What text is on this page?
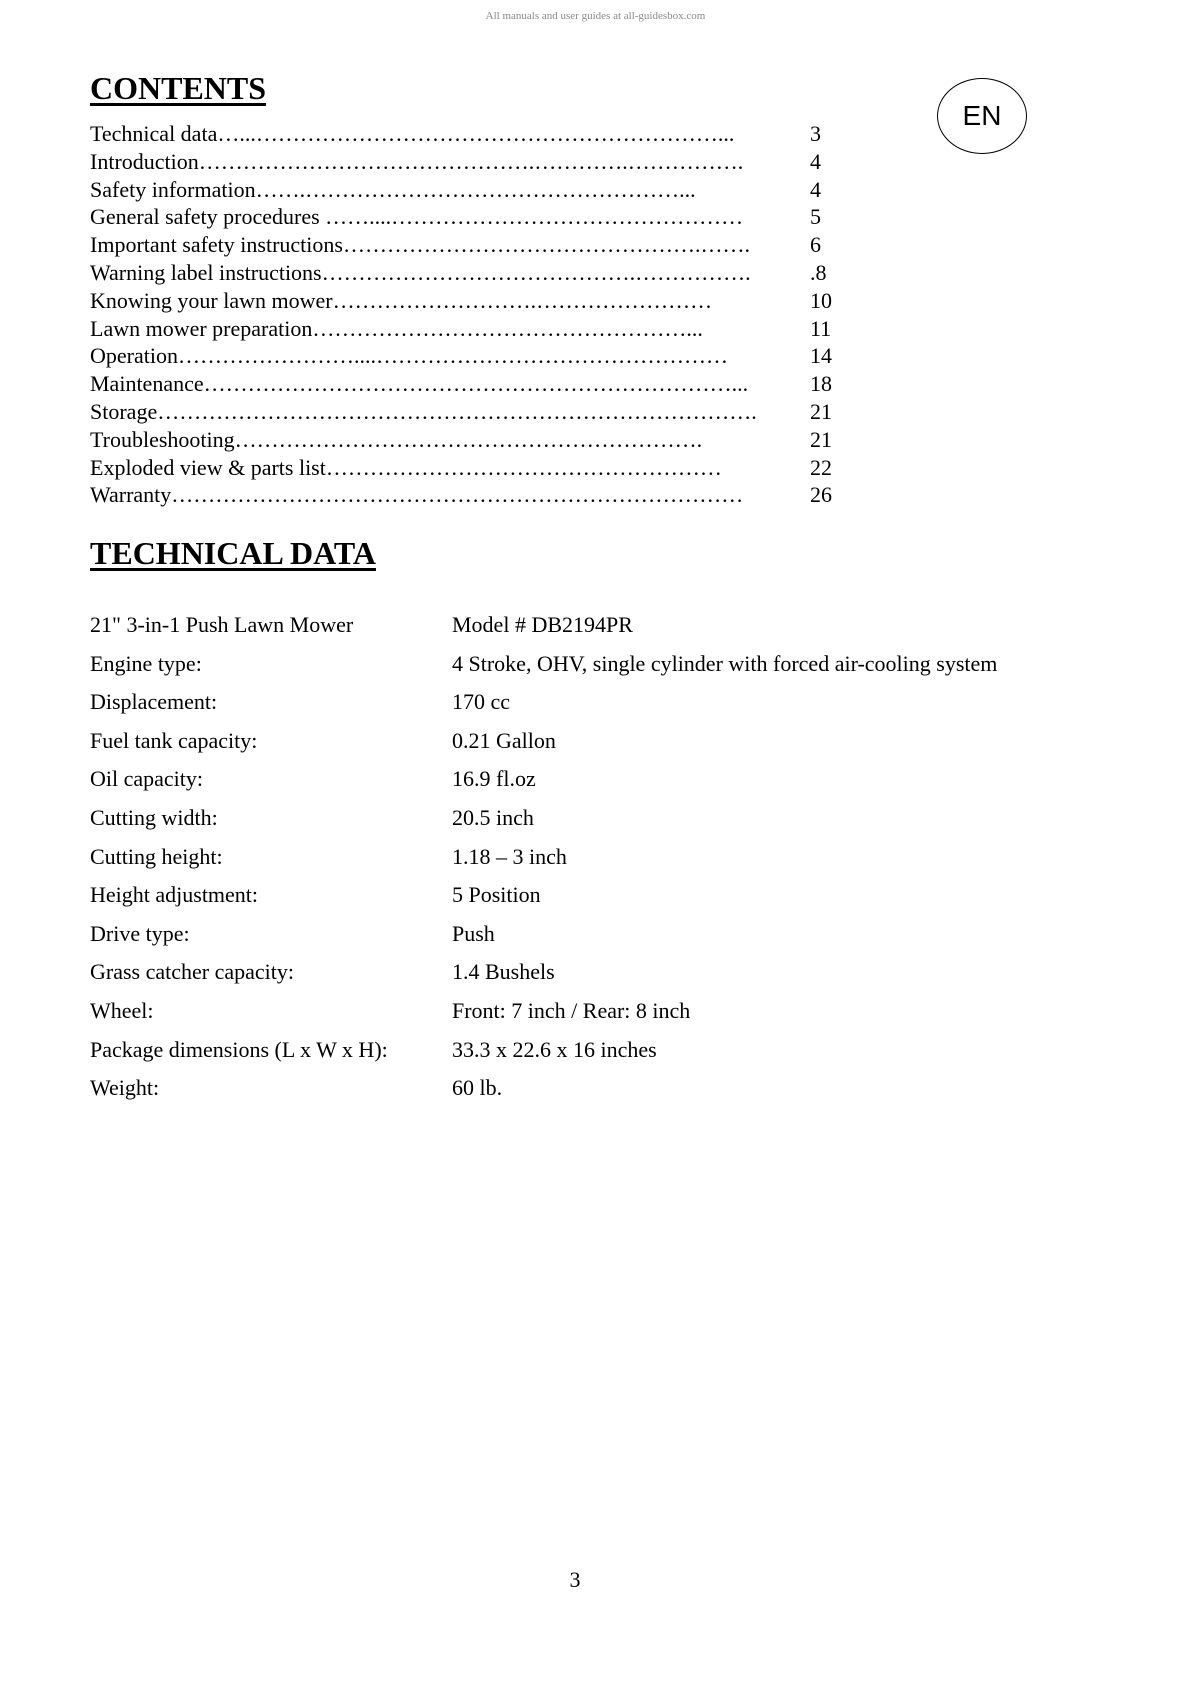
All manuals and user guides at all-guidesbox.com
CONTENTS
EN
Technical data…...………………………………………………………...	3
Introduction……………………………………….………….…………….	4
Safety information…….……………………………………………...	4
General safety procedures ……....…………………………………………	5
Important safety instructions………………………………………….…….	6
Warning label instructions…………………………………….…………….	.8
Knowing your lawn mower……………………….……………………	10
Lawn mower preparation……………………………………………...	11
Operation……………………....…………………………………………	14
Maintenance………………………………………………………………...	18
Storage……………………………………………………………………….	21
Troubleshooting……………………………………………………….	21
Exploded view & parts list………………………………………………	22
Warranty……………………………………………………………………	26
TECHNICAL DATA
21" 3-in-1 Push Lawn Mower	Model # DB2194PR
Engine type:	4 Stroke, OHV, single cylinder with forced air-cooling system
Displacement:	170 cc
Fuel tank capacity:	0.21 Gallon
Oil capacity:	16.9 fl.oz
Cutting width:	20.5 inch
Cutting height:	1.18 – 3 inch
Height adjustment:	5 Position
Drive type:	Push
Grass catcher capacity:	1.4 Bushels
Wheel:	Front: 7 inch / Rear: 8 inch
Package dimensions (L x W x H):	33.3 x 22.6 x 16 inches
Weight:	60 lb.
3
